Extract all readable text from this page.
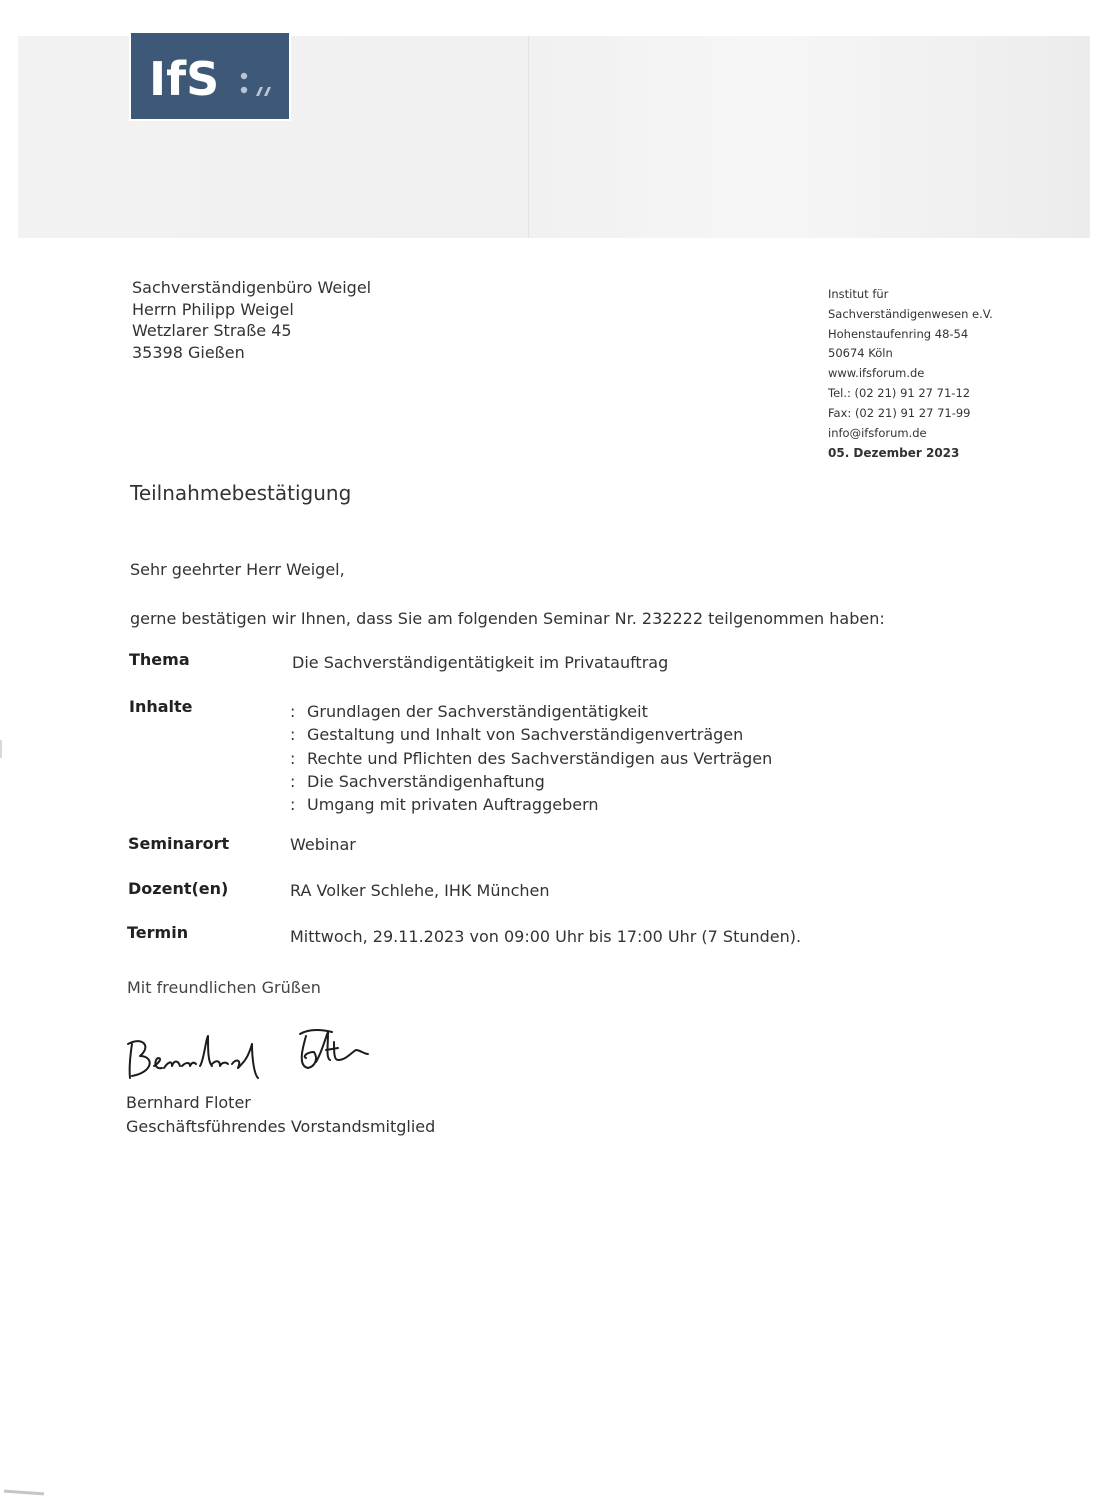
IfS
Sachverständigenbüro Weigel
Herrn Philipp Weigel
Wetzlarer Straße 45
35398 Gießen
Institut für
Sachverständigenwesen e.V.
Hohenstaufenring 48-54
50674 Köln
www.ifsforum.de
Tel.: (02 21) 91 27 71-12
Fax: (02 21) 91 27 71-99
info@ifsforum.de
05. Dezember 2023
Teilnahmebestätigung
Sehr geehrter Herr Weigel,
gerne bestätigen wir Ihnen, dass Sie am folgenden Seminar Nr. 232222 teilgenommen haben:
Thema	Die Sachverständigentätigkeit im Privatauftrag
Inhalte	: Grundlagen der Sachverständigentätigkeit
: Gestaltung und Inhalt von Sachverständigenverträgen
: Rechte und Pflichten des Sachverständigen aus Verträgen
: Die Sachverständigenhaftung
: Umgang mit privaten Auftraggebern
Seminarort	Webinar
Dozent(en)	RA Volker Schlehe, IHK München
Termin	Mittwoch, 29.11.2023 von 09:00 Uhr bis 17:00 Uhr (7 Stunden).
Mit freundlichen Grüßen
Bernhard Floter
Geschäftsführendes Vorstandsmitglied
